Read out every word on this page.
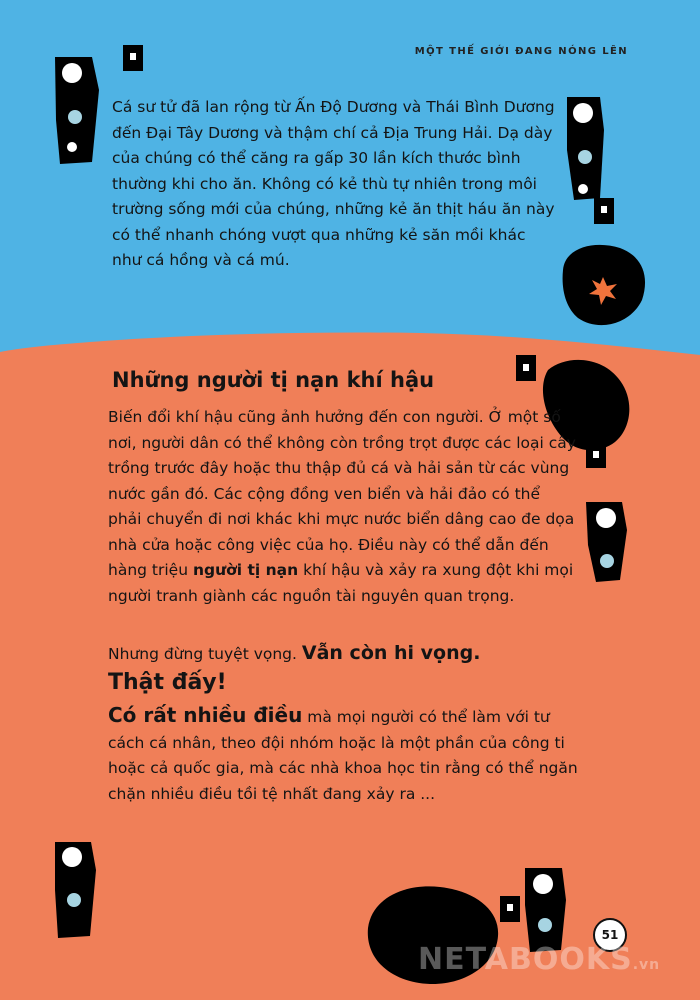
MỘT THẾ GIỚI ĐANG NÓNG LÊN

Cá sư tử đã lan rộng từ Ấn Độ Dương và Thái Bình Dương đến Đại Tây Dương và thậm chí cả Địa Trung Hải. Dạ dày của chúng có thể căng ra gấp 30 lần kích thước bình thường khi cho ăn. Không có kẻ thù tự nhiên trong môi trường sống mới của chúng, những kẻ ăn thịt háu ăn này có thể nhanh chóng vượt qua những kẻ săn mồi khác như cá hồng và cá mú.

Những người tị nạn khí hậu

Biến đổi khí hậu cũng ảnh hưởng đến con người. Ở một số nơi, người dân có thể không còn trồng trọt được các loại cây trồng trước đây hoặc thu thập đủ cá và hải sản từ các vùng nước gần đó. Các cộng đồng ven biển và hải đảo có thể phải chuyển đi nơi khác khi mực nước biển dâng cao đe dọa nhà cửa hoặc công việc của họ. Điều này có thể dẫn đến hàng triệu người tị nạn khí hậu và xảy ra xung đột khi mọi người tranh giành các nguồn tài nguyên quan trọng.

Nhưng đừng tuyệt vọng. Vẫn còn hi vọng.
Thật đấy!

Có rất nhiều điều mà mọi người có thể làm với tư cách cá nhân, theo đội nhóm hoặc là một phần của công ti hoặc cả quốc gia, mà các nhà khoa học tin rằng có thể ngăn chặn nhiều điều tồi tệ nhất đang xảy ra ...

51
NETABOOKS.vn
